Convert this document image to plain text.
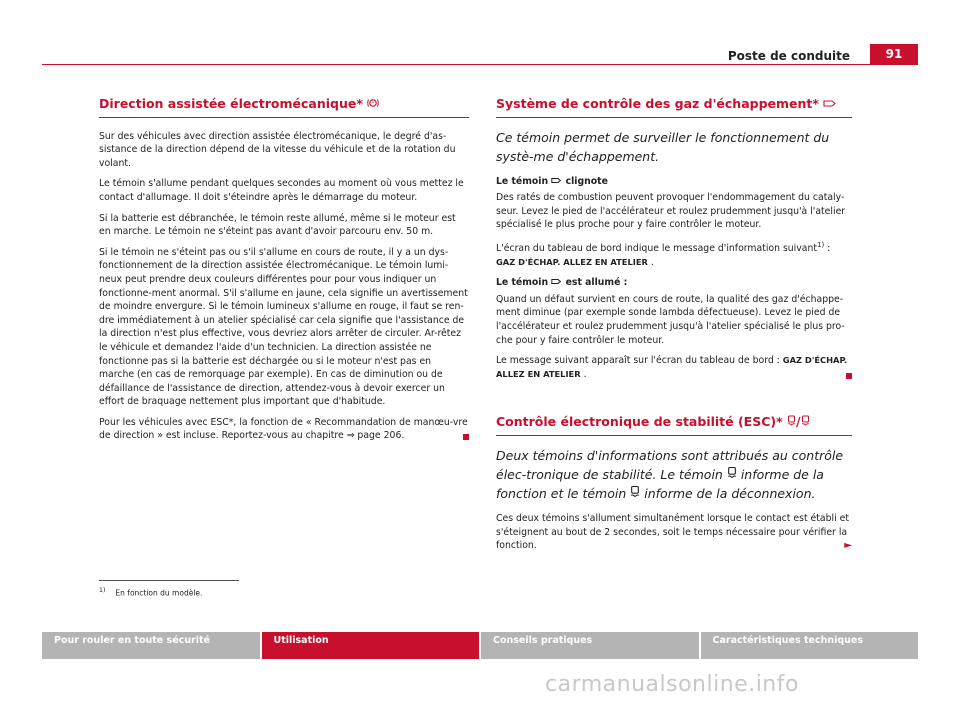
Poste de conduite	91
Direction assistée électromécanique*

Sur des véhicules avec direction assistée électromécanique, le degré d'as-sistance de la direction dépend de la vitesse du véhicule et de la rotation du volant.

Le témoin s'allume pendant quelques secondes au moment où vous mettez le contact d'allumage. Il doit s'éteindre après le démarrage du moteur.

Si la batterie est débranchée, le témoin reste allumé, même si le moteur est en marche. Le témoin ne s'éteint pas avant d'avoir parcouru env. 50 m.

Si le témoin ne s'éteint pas ou s'il s'allume en cours de route, il y a un dys-fonctionnement de la direction assistée électromécanique. Le témoin lumi-neux peut prendre deux couleurs différentes pour pour vous indiquer un fonctionne-ment anormal. S'il s'allume en jaune, cela signifie un avertissement de moindre envergure. Si le témoin lumineux s'allume en rouge, il faut se ren-dre immédiatement à un atelier spécialisé car cela signifie que l'assistance de la direction n'est plus effective, vous devriez alors arrêter de circuler. Ar-rêtez le véhicule et demandez l'aide d'un technicien. La direction assistée ne fonctionne pas si la batterie est déchargée ou si le moteur n'est pas en marche (en cas de remorquage par exemple). En cas de diminution ou de défaillance de l'assistance de direction, attendez-vous à devoir exercer un effort de braquage nettement plus important que d'habitude.

Pour les véhicules avec ESC*, la fonction de « Recommandation de manœu-vre de direction » est incluse. Reportez-vous au chapitre ⇒ page 206.

Système de contrôle des gaz d'échappement*
Ce témoin permet de surveiller le fonctionnement du systè-me d'échappement.

Le témoin clignote

Des ratés de combustion peuvent provoquer l'endommagement du cataly-seur. Levez le pied de l'accélérateur et roulez prudemment jusqu'à l'atelier spécialisé le plus proche pour y faire contrôler le moteur.

L'écran du tableau de bord indique le message d'information suivant$^{1)}$ :
GAZ D'ÉCHAP. ALLEZ EN ATELIER .

Le témoin est allumé :

Quand un défaut survient en cours de route, la qualité des gaz d'échappe-ment diminue (par exemple sonde lambda défectueuse). Levez le pied de l'accélérateur et roulez prudemment jusqu'à l'atelier spécialisé le plus pro-che pour y faire contrôler le moteur.

Le message suivant apparaît sur l'écran du tableau de bord : GAZ D'ÉCHAP. ALLEZ EN ATELIER .

Contrôle électronique de stabilité (ESC)* /
Deux témoins d'informations sont attribués au contrôle élec-tronique de stabilité. Le témoin informe de la fonction et le témoin informe de la déconnexion.

Ces deux témoins s'allument simultanément lorsque le contact est établi et s'éteignent au bout de 2 secondes, soit le temps nécessaire pour vérifier la fonction.	►

$^{1)}$ En fonction du modèle.
Pour rouler en toute sécurité	Utilisation	Conseils pratiques	Caractéristiques techniques
carmanualsonline.info
